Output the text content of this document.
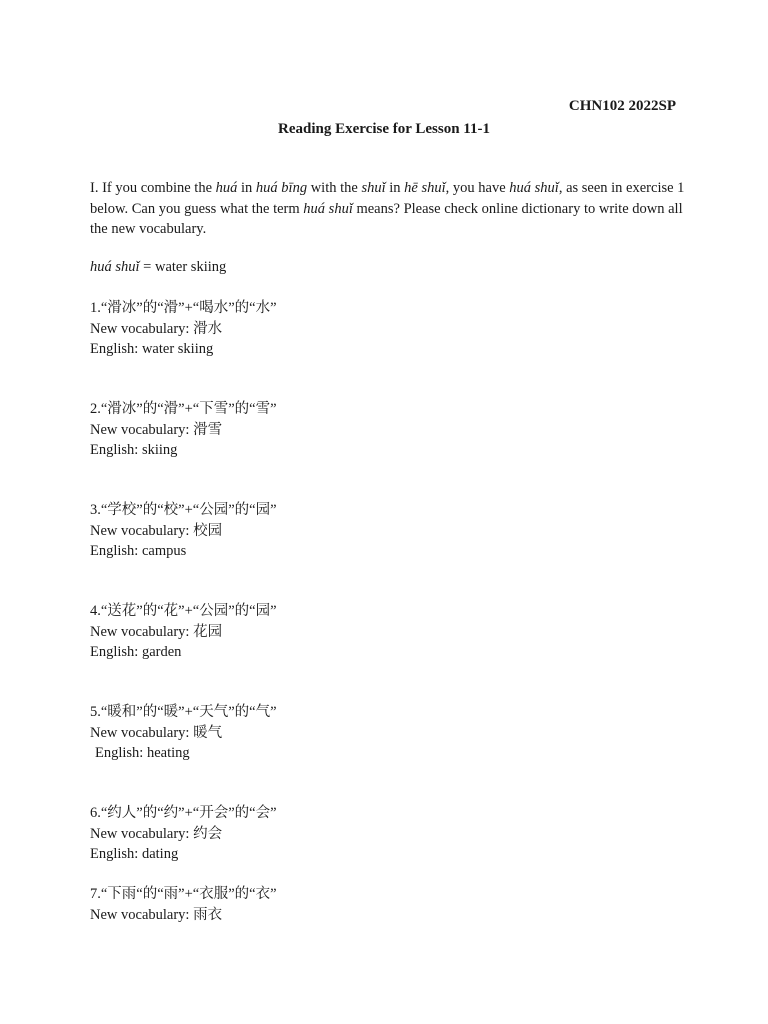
CHN102 2022SP
Reading Exercise for Lesson 11-1
I. If you combine the huá in huá bīng with the shuǐ in hē shuǐ, you have huá shuǐ, as seen in exercise 1 below. Can you guess what the term huá shuǐ means? Please check online dictionary to write down all the new vocabulary.
huá shuǐ = water skiing
1.“滑冰”的“滑”+“喝水”的“水”
New vocabulary: 滑水
English: water skiing
2.“滑冰”的“滑”+“下雪”的“雪”
New vocabulary: 滑雪
English: skiing
3.“学校”的“校”+“公园”的“园”
New vocabulary: 校园
English: campus
4.“送花”的“花”+“公园”的“园”
New vocabulary: 花园
English: garden
5.“暖和”的“暖”+“天气”的“气”
New vocabulary: 暖气
English: heating
6.“约人”的“约”+“开会”的“会”
New vocabulary: 约会
English: dating
7.“下雨“的“雨”+“衣服”的“衣”
New vocabulary: 雨衣
